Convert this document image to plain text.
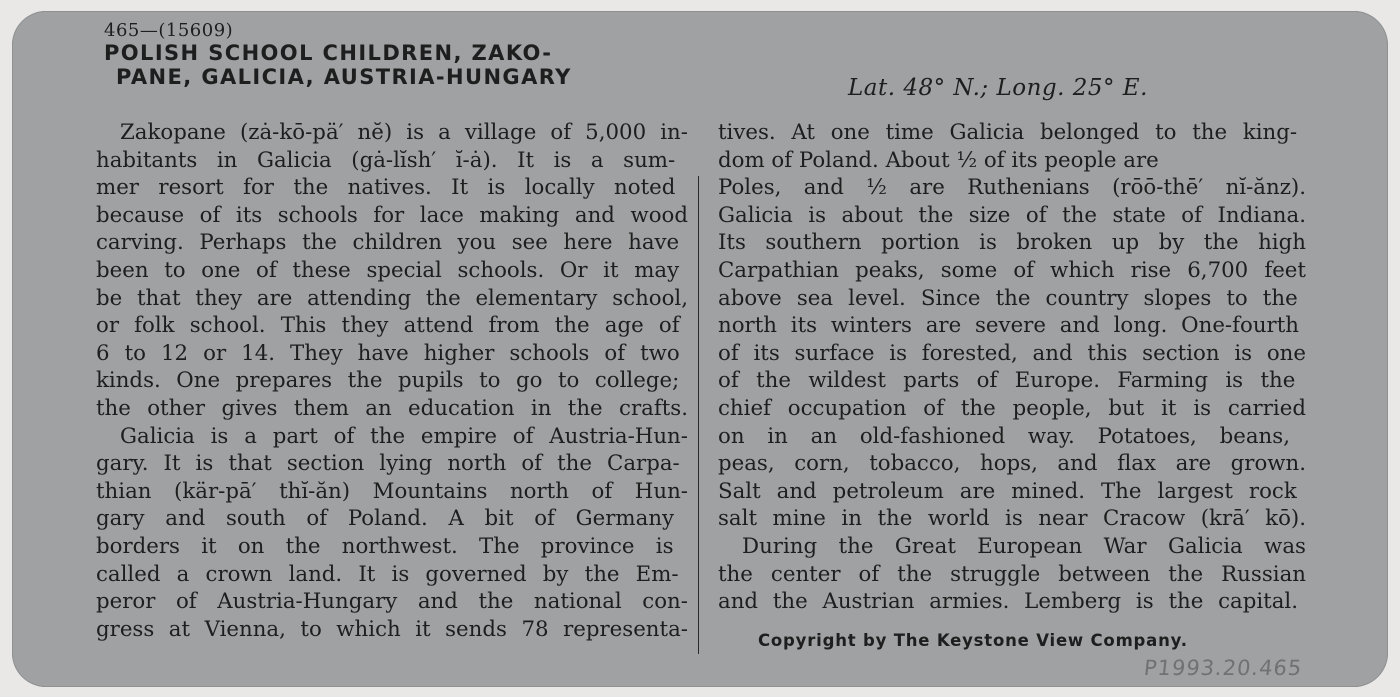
465—(15609)
POLISH SCHOOL CHILDREN, ZAKO-
PANE, GALICIA, AUSTRIA-HUNGARY	Lat. 48° N.; Long. 25° E.
Zakopane (zȧ-kō-pä′ nĕ) is a village of 5,000 in-
habitants in Galicia (gȧ-lĭsh′ ĭ-ȧ). It is a sum-
mer resort for the natives. It is locally noted
because of its schools for lace making and wood
carving. Perhaps the children you see here have
been to one of these special schools. Or it may
be that they are attending the elementary school,
or folk school. This they attend from the age of
6 to 12 or 14. They have higher schools of two
kinds. One prepares the pupils to go to college;
the other gives them an education in the crafts.
Galicia is a part of the empire of Austria-Hun-
gary. It is that section lying north of the Carpa-
thian (kär-pā′ thĭ-ăn) Mountains north of Hun-
gary and south of Poland. A bit of Germany
borders it on the northwest. The province is
called a crown land. It is governed by the Em-
peror of Austria-Hungary and the national con-
gress at Vienna, to which it sends 78 representa-
tives. At one time Galicia belonged to the king-
dom of Poland. About ½ of its people are
Poles, and ½ are Ruthenians (rōō-thē′ nĭ-ănz).
Galicia is about the size of the state of Indiana.
Its southern portion is broken up by the high
Carpathian peaks, some of which rise 6,700 feet
above sea level. Since the country slopes to the
north its winters are severe and long. One-fourth
of its surface is forested, and this section is one
of the wildest parts of Europe. Farming is the
chief occupation of the people, but it is carried
on in an old-fashioned way. Potatoes, beans,
peas, corn, tobacco, hops, and flax are grown.
Salt and petroleum are mined. The largest rock
salt mine in the world is near Cracow (krā′ kō).
During the Great European War Galicia was
the center of the struggle between the Russian
and the Austrian armies. Lemberg is the capital.
Copyright by The Keystone View Company.
P1993.20.465
